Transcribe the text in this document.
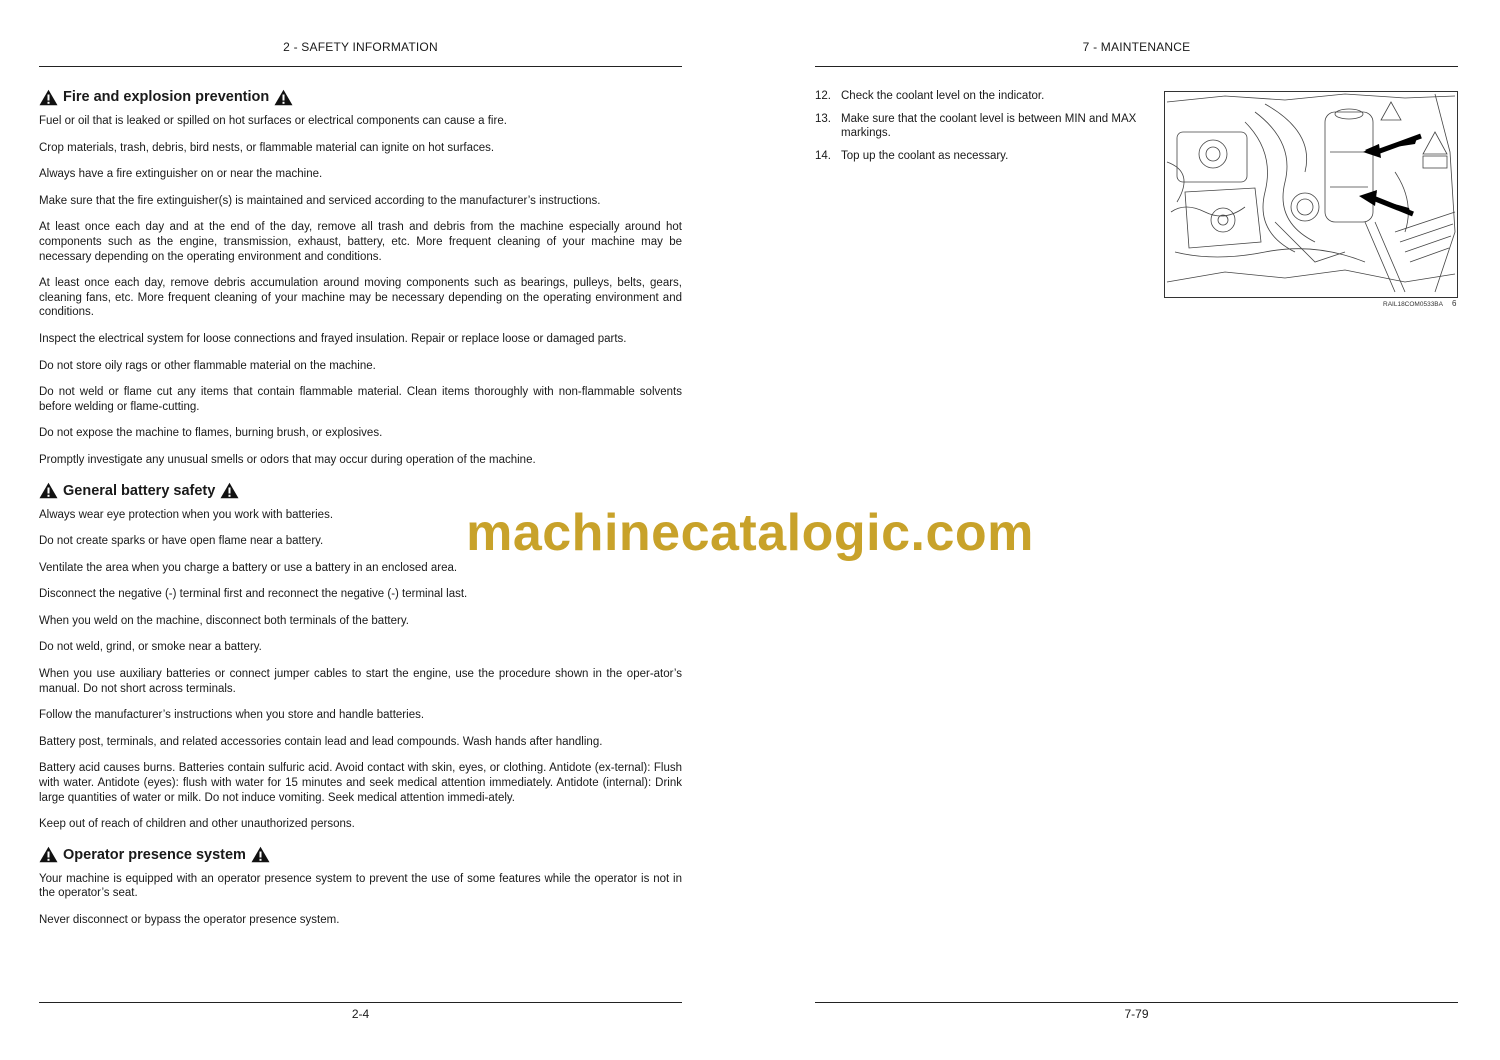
2 - SAFETY INFORMATION
Fire and explosion prevention

Fuel or oil that is leaked or spilled on hot surfaces or electrical components can cause a fire.

Crop materials, trash, debris, bird nests, or flammable material can ignite on hot surfaces.

Always have a fire extinguisher on or near the machine.

Make sure that the fire extinguisher(s) is maintained and serviced according to the manufacturer’s instructions.

At least once each day and at the end of the day, remove all trash and debris from the machine especially around hot components such as the engine, transmission, exhaust, battery, etc. More frequent cleaning of your machine may be necessary depending on the operating environment and conditions.

At least once each day, remove debris accumulation around moving components such as bearings, pulleys, belts, gears, cleaning fans, etc. More frequent cleaning of your machine may be necessary depending on the operating environment and conditions.

Inspect the electrical system for loose connections and frayed insulation. Repair or replace loose or damaged parts.

Do not store oily rags or other flammable material on the machine.

Do not weld or flame cut any items that contain flammable material. Clean items thoroughly with non-flammable solvents before welding or flame-cutting.

Do not expose the machine to flames, burning brush, or explosives.

Promptly investigate any unusual smells or odors that may occur during operation of the machine.

General battery safety

Always wear eye protection when you work with batteries.

Do not create sparks or have open flame near a battery.

Ventilate the area when you charge a battery or use a battery in an enclosed area.

Disconnect the negative (-) terminal first and reconnect the negative (-) terminal last.

When you weld on the machine, disconnect both terminals of the battery.

Do not weld, grind, or smoke near a battery.

When you use auxiliary batteries or connect jumper cables to start the engine, use the procedure shown in the oper-ator’s manual. Do not short across terminals.

Follow the manufacturer’s instructions when you store and handle batteries.

Battery post, terminals, and related accessories contain lead and lead compounds. Wash hands after handling.

Battery acid causes burns. Batteries contain sulfuric acid. Avoid contact with skin, eyes, or clothing. Antidote (ex-ternal): Flush with water. Antidote (eyes): flush with water for 15 minutes and seek medical attention immediately. Antidote (internal): Drink large quantities of water or milk. Do not induce vomiting. Seek medical attention immedi-ately.

Keep out of reach of children and other unauthorized persons.

Operator presence system

Your machine is equipped with an operator presence system to prevent the use of some features while the operator is not in the operator’s seat.

Never disconnect or bypass the operator presence system.

2-4
7 - MAINTENANCE
12. Check the coolant level on the indicator.
13. Make sure that the coolant level is between MIN and MAX markings.
14. Top up the coolant as necessary.
RAIL18COM0533BA 6
7-79
machinecatalogic.com
